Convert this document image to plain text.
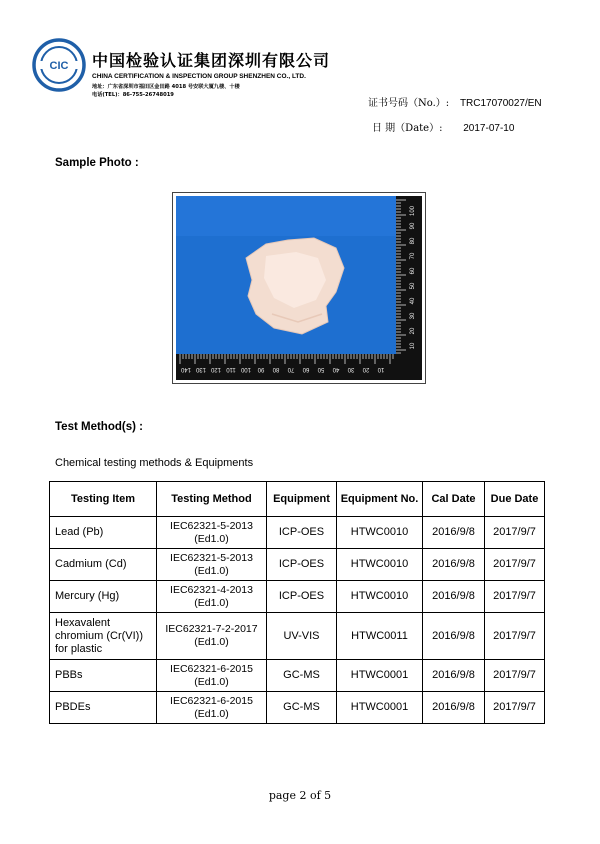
CIC 中国检验认证集团深圳有限公司
CHINA CERTIFICATION & INSPECTION GROUP SHENZHEN CO., LTD.
地址：广东省深圳市福田区金田路 4018 号安联大厦九楼、十楼
电话(TEL)：86-755-26748019
证书号码（No.）: TRC17070027/EN
日 期（Date）: 2017-07-10
Sample Photo :
10
20
30
40
50
60
70
80
90
100
110
120
130
140
10
20
30
40
50
60
70
80
90
100
Test Method(s) :
Chemical testing methods & Equipments
Testing Item	Testing Method	Equipment	Equipment No.	Cal Date	Due Date
Lead (Pb)	IEC62321-5-2013
(Ed1.0)	ICP-OES	HTWC0010	2016/9/8	2017/9/7
Cadmium (Cd)	IEC62321-5-2013
(Ed1.0)	ICP-OES	HTWC0010	2016/9/8	2017/9/7
Mercury (Hg)	IEC62321-4-2013
(Ed1.0)	ICP-OES	HTWC0010	2016/9/8	2017/9/7
Hexavalent chromium (Cr(VI)) for plastic	IEC62321-7-2-2017
(Ed1.0)	UV-VIS	HTWC0011	2016/9/8	2017/9/7
PBBs	IEC62321-6-2015
(Ed1.0)	GC-MS	HTWC0001	2016/9/8	2017/9/7
PBDEs	IEC62321-6-2015
(Ed1.0)	GC-MS	HTWC0001	2016/9/8	2017/9/7
page 2 of 5
